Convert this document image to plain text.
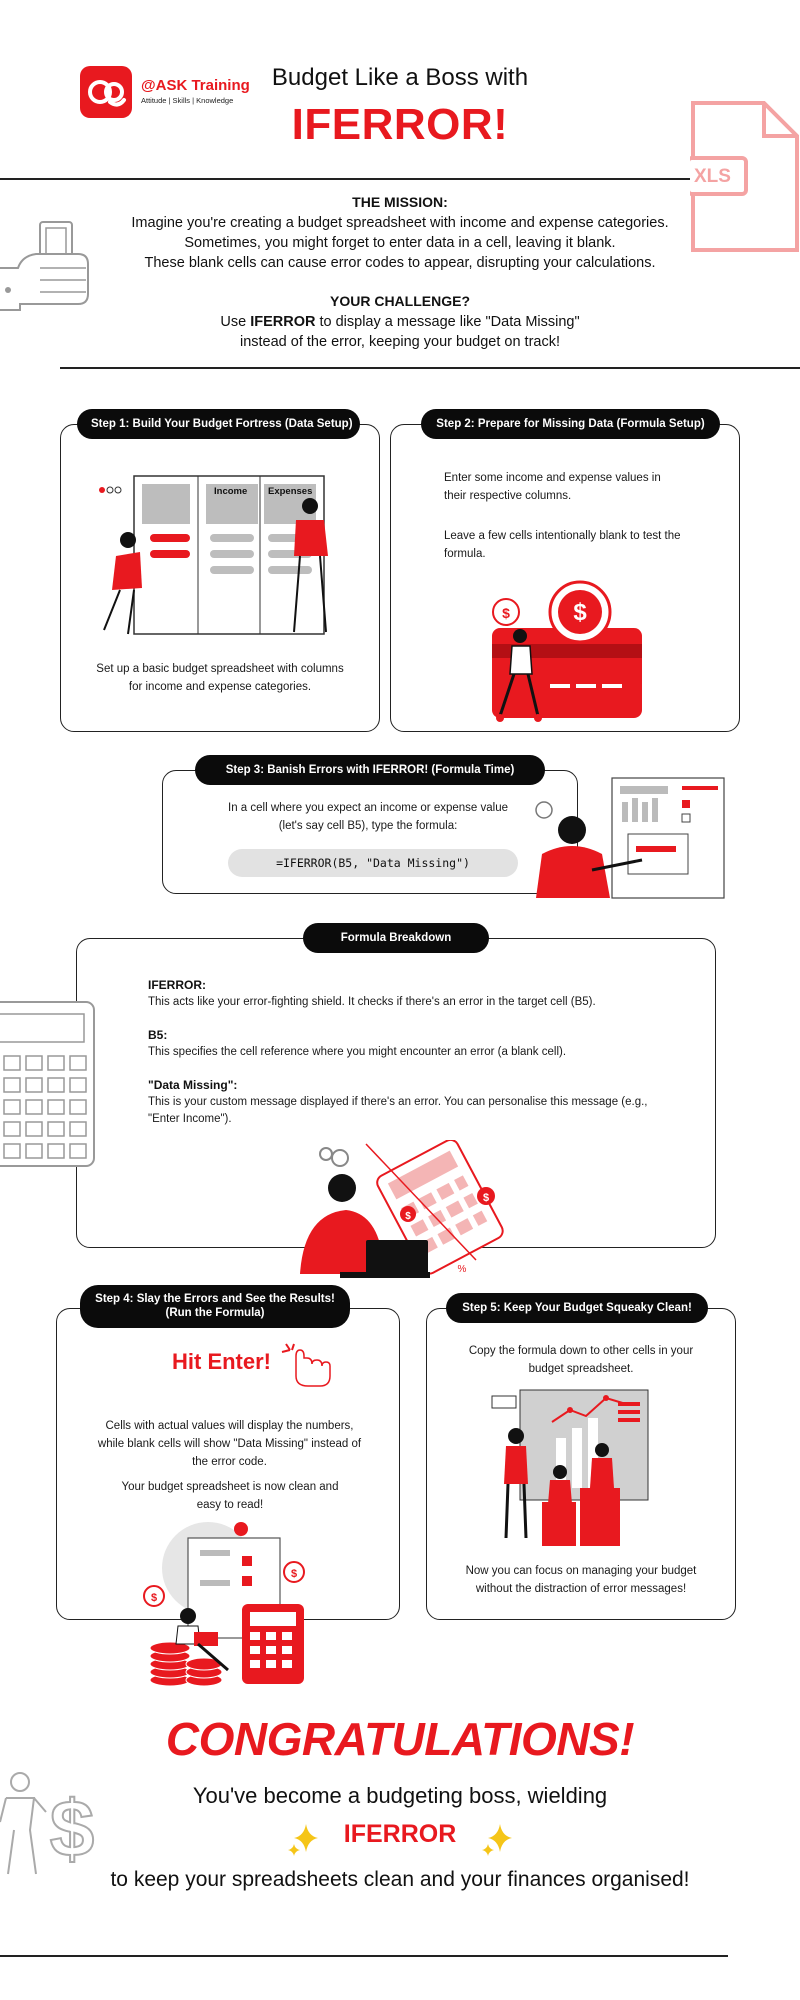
@ASK Training
Attitude | Skills | Knowledge
Budget Like a Boss with
IFERROR!
XLS
THE MISSION:
Imagine you're creating a budget spreadsheet with income and expense categories.
Sometimes, you might forget to enter data in a cell, leaving it blank.
These blank cells can cause error codes to appear, disrupting your calculations.
YOUR CHALLENGE?
Use IFERROR to display a message like "Data Missing"
instead of the error, keeping your budget on track!
Step 1: Build Your Budget Fortress (Data Setup)
Income Expenses
Set up a basic budget spreadsheet with columns for income and expense categories.
Step 2: Prepare for Missing Data (Formula Setup)
Enter some income and expense values in their respective columns.
Leave a few cells intentionally blank to test the formula.
$
$
Step 3: Banish Errors with IFERROR! (Formula Time)
In a cell where you expect an income or expense value (let's say cell B5), type the formula:
=IFERROR(B5, "Data Missing")
Formula Breakdown
IFERROR:
This acts like your error-fighting shield. It checks if there's an error in the target cell (B5).
B5:
This specifies the cell reference where you might encounter an error (a blank cell).
"Data Missing":
This is your custom message displayed if there's an error. You can personalise this message (e.g., "Enter Income").
$
$
%
Step 4: Slay the Errors and See the Results!
(Run the Formula)
Hit Enter!
Cells with actual values will display the numbers, while blank cells will show "Data Missing" instead of the error code.
Your budget spreadsheet is now clean and easy to read!
$
$
Step 5: Keep Your Budget Squeaky Clean!
Copy the formula down to other cells in your budget spreadsheet.
Now you can focus on managing your budget without the distraction of error messages!
CONGRATULATIONS!
You've become a budgeting boss, wielding
IFERROR
to keep your spreadsheets clean and your finances organised!
$
